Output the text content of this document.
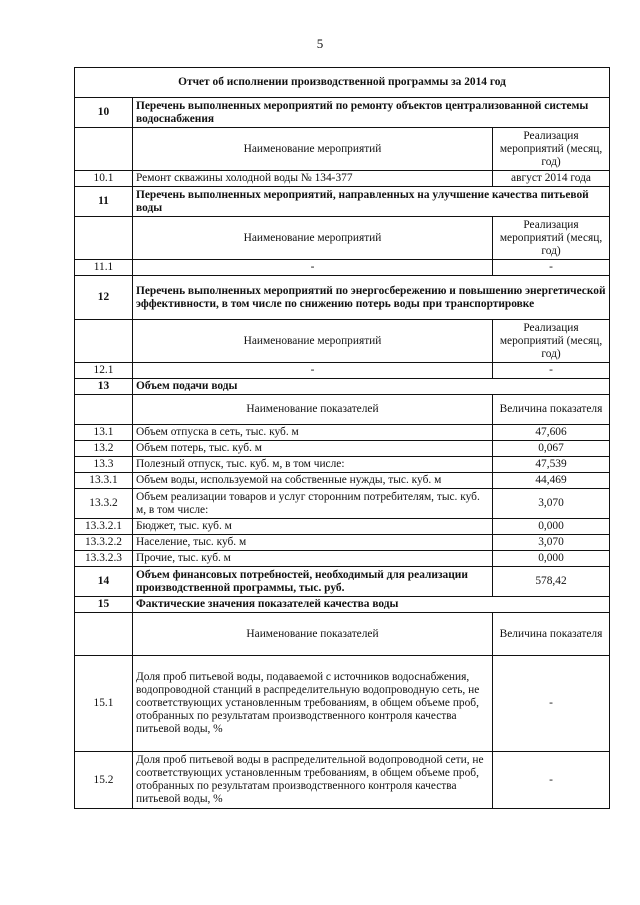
5
Отчет об исполнении производственной программы за 2014 год		
10	Перечень выполненных мероприятий по ремонту объектов централизованной системы водоснабжения	
	Наименование мероприятий	Реализация мероприятий (месяц, год)
10.1	Ремонт скважины холодной воды № 134-377	август 2014 года
11	Перечень выполненных мероприятий, направленных на улучшение качества питьевой воды	
	Наименование мероприятий	Реализация мероприятий (месяц, год)
11.1	-	-
12	Перечень выполненных мероприятий по энергосбережению и повышению энергетической эффективности, в том числе по снижению потерь воды при транспортировке	
	Наименование мероприятий	Реализация мероприятий (месяц, год)
12.1	-	-
13	Объем подачи воды	
	Наименование показателей	Величина показателя
13.1	Объем отпуска в сеть, тыс. куб. м	47,606
13.2	Объем потерь, тыс. куб. м	0,067
13.3	Полезный отпуск, тыс. куб. м, в том числе:	47,539
13.3.1	Объем воды, используемой на собственные нужды, тыс. куб. м	44,469
13.3.2	Объем реализации товаров и услуг сторонним потребителям, тыс. куб. м, в том числе:	3,070
13.3.2.1	Бюджет, тыс. куб. м	0,000
13.3.2.2	Население, тыс. куб. м	3,070
13.3.2.3	Прочие, тыс. куб. м	0,000
14	Объем финансовых потребностей, необходимый для реализации производственной программы, тыс. руб.	578,42
15	Фактические значения показателей качества воды	
	Наименование показателей	Величина показателя
15.1	Доля проб питьевой воды, подаваемой с источников водоснабжения, водопроводной станций в распределительную водопроводную сеть, не соответствующих установленным требованиям, в общем объеме проб, отобранных по результатам производственного контроля качества питьевой воды, %	-
15.2	Доля проб питьевой воды в распределительной водопроводной сети, не соответствующих установленным требованиям, в общем объеме проб, отобранных по результатам производственного контроля качества питьевой воды, %	-
